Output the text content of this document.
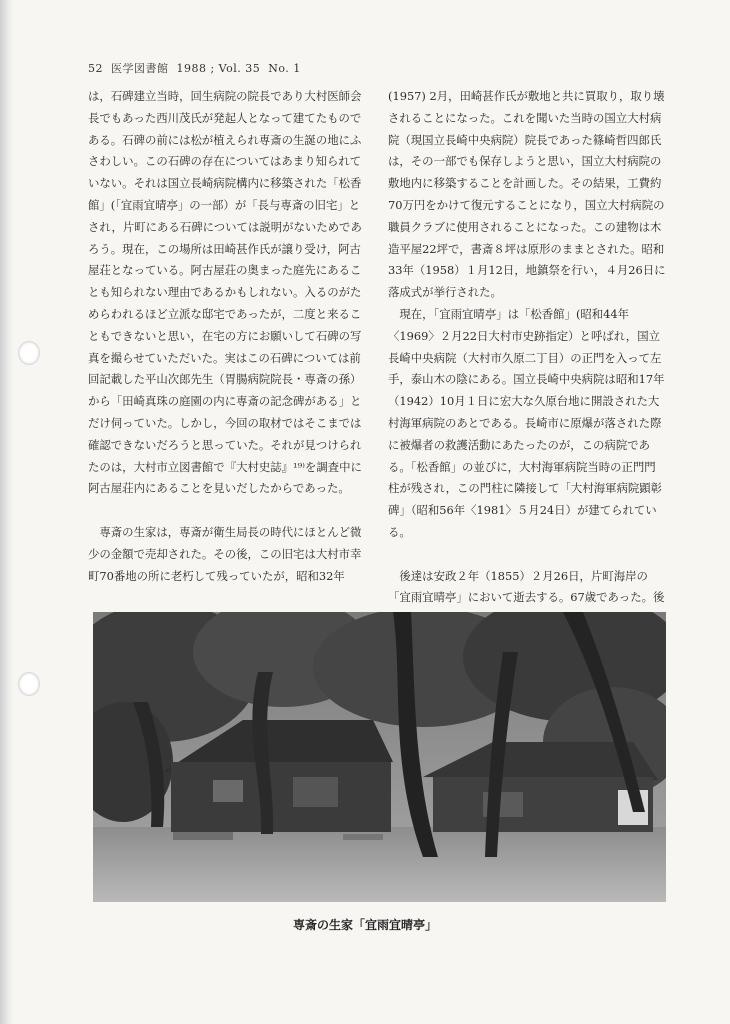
52  医学図書館  1988 ; Vol. 35  No. 1

は，石碑建立当時，回生病院の院長であり大村医師会長でもあった西川茂氏が発起人となって建てたものである。石碑の前には松が植えられ専斎の生誕の地にふさわしい。この石碑の存在についてはあまり知られていない。それは国立長崎病院構内に移築された「松香館」(「宜雨宜晴亭」の一部）が「長与専斎の旧宅」とされ，片町にある石碑については説明がないためであろう。現在，この場所は田崎甚作氏が譲り受け，阿古屋荘となっている。阿古屋荘の奥まった庭先にあることも知られない理由であるかもしれない。入るのがためらわれるほど立派な邸宅であったが，二度と来ることもできないと思い，在宅の方にお願いして石碑の写真を撮らせていただいた。実はこの石碑については前回記載した平山次郎先生（胃腸病院院長・専斎の孫）から「田崎真珠の庭園の内に専斎の記念碑がある」とだけ伺っていた。しかし，今回の取材ではそこまでは確認できないだろうと思っていた。それが見つけられたのは，大村市立図書館で『大村史誌』¹⁹⁾を調査中に阿古屋荘内にあることを見いだしたからであった。

専斎の生家は，専斎が衛生局長の時代にほとんど微少の金額で売却された。その後，この旧宅は大村市幸町70番地の所に老朽して残っていたが，昭和32年

(1957) 2月，田崎甚作氏が敷地と共に買取り，取り壊されることになった。これを聞いた当時の国立大村病院（現国立長崎中央病院）院長であった篠崎哲四郎氏は，その一部でも保存しようと思い，国立大村病院の敷地内に移築することを計画した。その結果，工費約70万円をかけて復元することになり，国立大村病院の職員クラブに使用されることになった。この建物は木造平屋22坪で，書斎８坪は原形のままとされた。昭和33年（1958）１月12日，地鎮祭を行い，４月26日に落成式が挙行された。

現在，「宜雨宜晴亭」は「松香館」(昭和44年〈1969〉２月22日大村市史跡指定）と呼ばれ，国立長崎中央病院（大村市久原二丁目）の正門を入って左手，泰山木の陰にある。国立長崎中央病院は昭和17年（1942）10月１日に宏大な久原台地に開設された大村海軍病院のあとである。長崎市に原爆が落された際に被爆者の救護活動にあたったのが，この病院である。「松香館」の並びに，大村海軍病院当時の正門門柱が残され，この門柱に隣接して「大村海軍病院顕彰碑」（昭和56年〈1981〉５月24日）が建てられている。

後達は安政２年（1855）２月26日，片町海岸の「宜雨宜晴亭」において逝去する。67歳であった。後

専斎の生家「宜雨宜晴亭」
